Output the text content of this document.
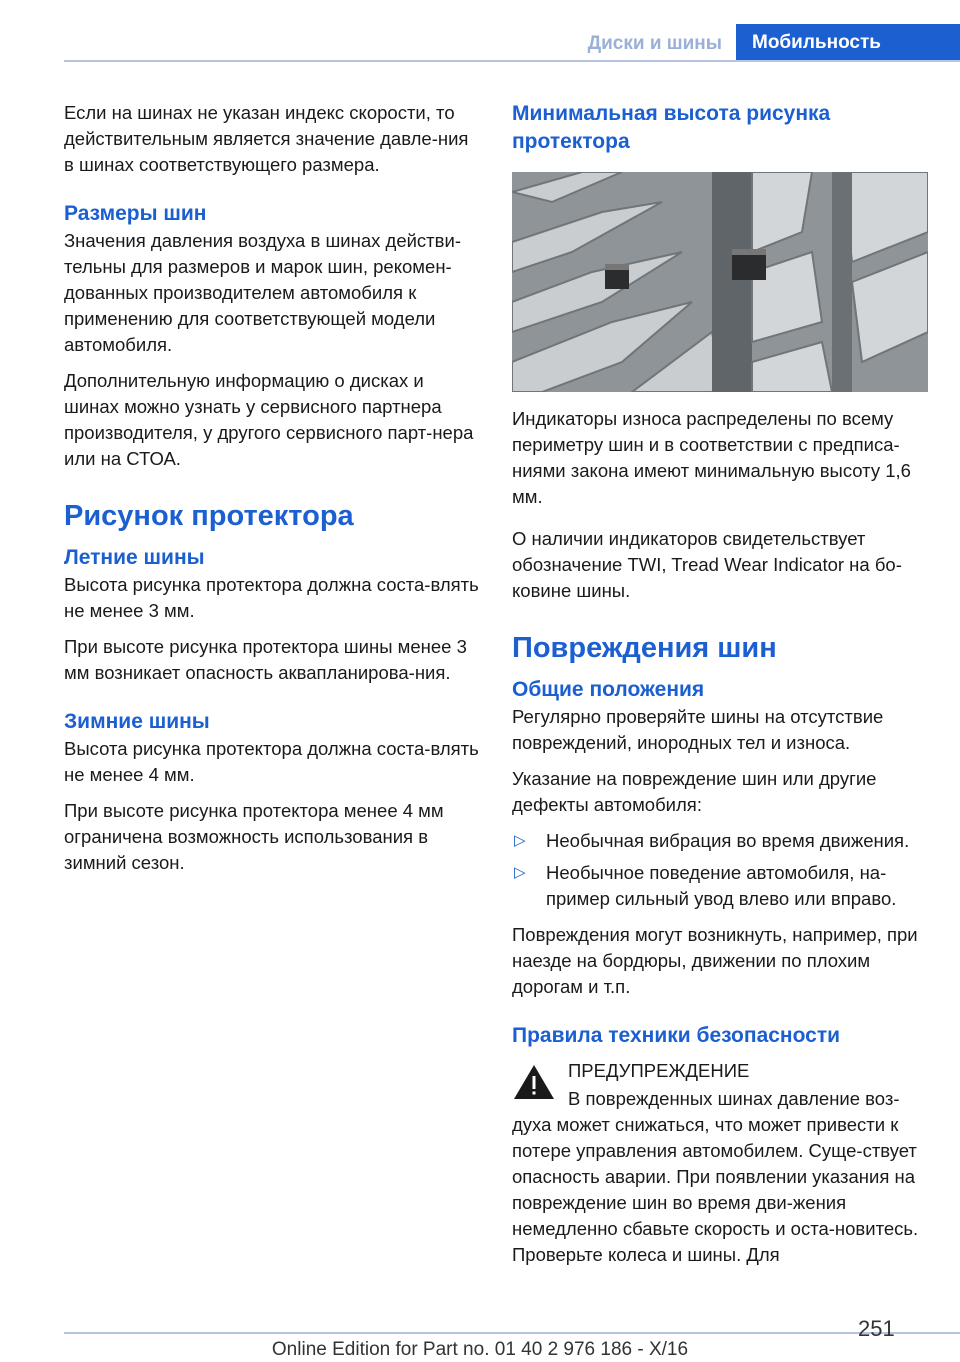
Диски и шины	Мобильность

Если на шинах не указан индекс скорости, то действительным является значение давле-ния в шинах соответствующего размера.

Размеры шин

Значения давления воздуха в шинах действи-тельны для размеров и марок шин, рекомен-дованных производителем автомобиля к применению для соответствующей модели автомобиля.

Дополнительную информацию о дисках и шинах можно узнать у сервисного партнера производителя, у другого сервисного парт-нера или на СТОА.

Рисунок протектора
Летние шины

Высота рисунка протектора должна соста-влять не менее 3 мм.

При высоте рисунка протектора шины менее 3 мм возникает опасность аквапланирова-ния.

Зимние шины

Высота рисунка протектора должна соста-влять не менее 4 мм.

При высоте рисунка протектора менее 4 мм ограничена возможность использования в зимний сезон.

Минимальная высота рисунка протектора

Индикаторы износа распределены по всему периметру шин и в соответствии с предписа-ниями закона имеют минимальную высоту 1,6 мм.

О наличии индикаторов свидетельствует обозначение TWI, Tread Wear Indicator на бо-ковине шины.

Повреждения шин
Общие положения

Регулярно проверяйте шины на отсутствие повреждений, инородных тел и износа.

Указание на повреждение шин или другие дефекты автомобиля:

▷ Необычная вибрация во время движения.
▷ Необычное поведение автомобиля, на-пример сильный увод влево или вправо.

Повреждения могут возникнуть, например, при наезде на бордюры, движении по плохим дорогам и т.п.

Правила техники безопасности

ПРЕДУПРЕЖДЕНИЕ

В поврежденных шинах давление воз-духа может снижаться, что может привести к потере управления автомобилем. Суще-ствует опасность аварии. При появлении указания на повреждение шин во время дви-жения немедленно сбавьте скорость и оста-новитесь. Проверьте колеса и шины. Для

251
Online Edition for Part no. 01 40 2 976 186 - X/16
